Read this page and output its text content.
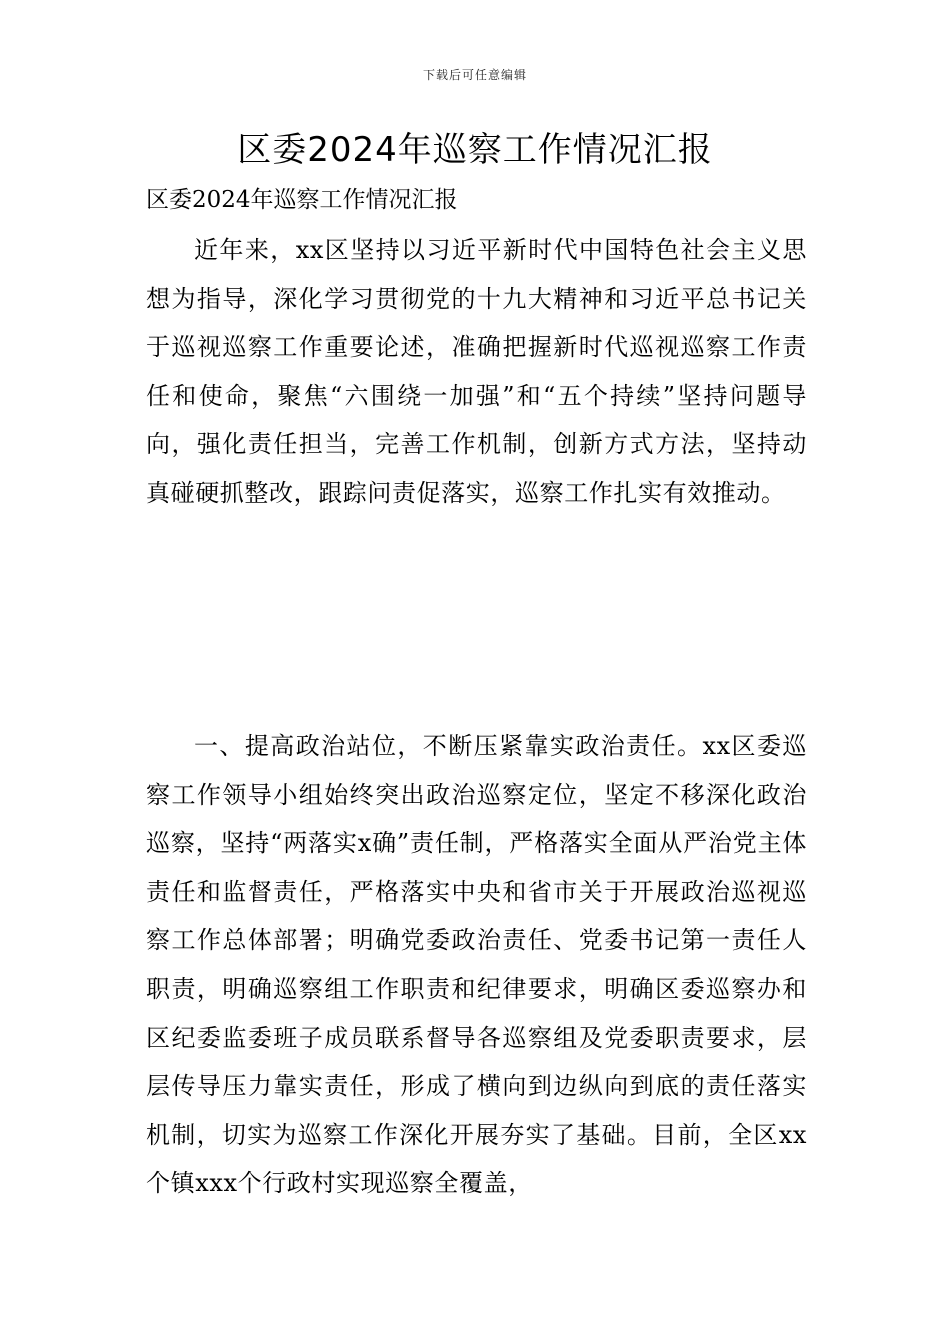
下载后可任意编辑
区委2024年巡察工作情况汇报
区委2024年巡察工作情况汇报

近年来，xx区坚持以习近平新时代中国特色社会主义思想为指导，深化学习贯彻党的十九大精神和习近平总书记关于巡视巡察工作重要论述，准确把握新时代巡视巡察工作责任和使命，聚焦“六围绕一加强”和“五个持续”坚持问题导向，强化责任担当，完善工作机制，创新方式方法，坚持动真碰硬抓整改，跟踪问责促落实，巡察工作扎实有效推动。

一、提高政治站位，不断压紧靠实政治责任。xx区委巡察工作领导小组始终突出政治巡察定位，坚定不移深化政治巡察，坚持“两落实x确”责任制，严格落实全面从严治党主体责任和监督责任，严格落实中央和省市关于开展政治巡视巡察工作总体部署；明确党委政治责任、党委书记第一责任人职责，明确巡察组工作职责和纪律要求，明确区委巡察办和区纪委监委班子成员联系督导各巡察组及党委职责要求，层层传导压力靠实责任，形成了横向到边纵向到底的责任落实机制，切实为巡察工作深化开展夯实了基础。目前，全区xx个镇xxx个行政村实现巡察全覆盖，
